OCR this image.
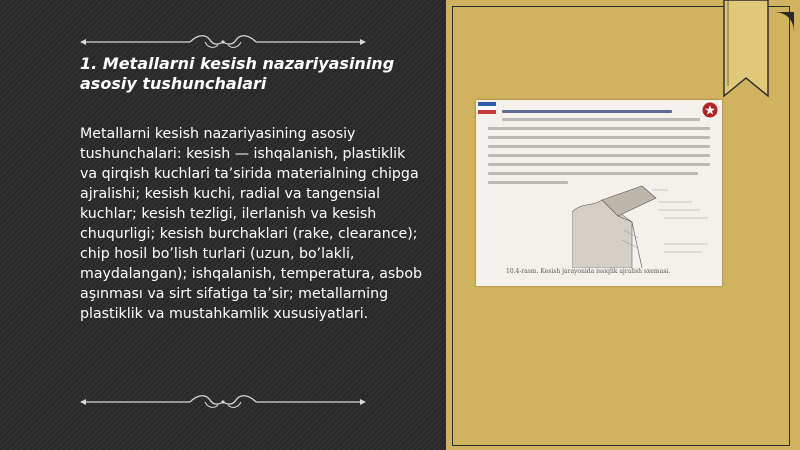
1. Metallarni kesish nazariyasining asosiy tushunchalari

Metallarni kesish nazariyasining asosiy tushunchalari: kesish — ishqalanish, plastiklik va qirqish kuchlari ta’sirida materialning chipga ajralishi; kesish kuchi, radial va tangensial kuchlar; kesish tezligi, ilerlanish va kesish chuqurligi; kesish burchaklari (rake, clearance); chip hosil bo’lish turlari (uzun, bo’lakli, maydalangan); ishqalanish, temperatura, asbob aşınması va sirt sifatiga ta’sir; metallarning plastiklik va mustahkamlik xususiyatlari.

10.4-rasm. Kesish jarayonida issiqlik ajralish sxemasi.
